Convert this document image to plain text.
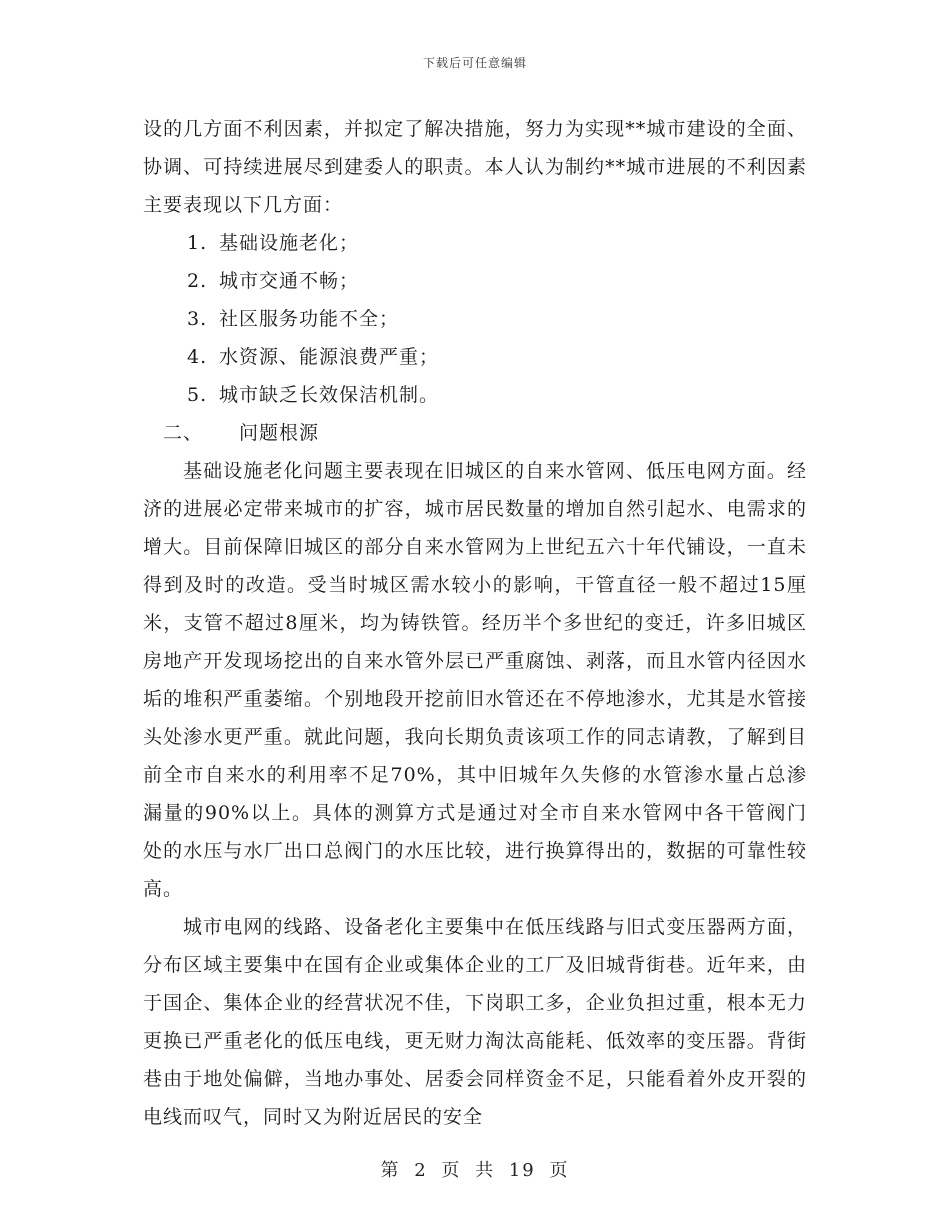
下载后可任意编辑

设的几方面不利因素，并拟定了解决措施，努力为实现**城市建设的全面、协调、可持续进展尽到建委人的职责。本人认为制约**城市进展的不利因素主要表现以下几方面：

1. 基础设施老化；

2. 城市交通不畅；

3. 社区服务功能不全；

4. 水资源、能源浪费严重；

5. 城市缺乏长效保洁机制。

二、 问题根源

基础设施老化问题主要表现在旧城区的自来水管网、低压电网方面。经济的进展必定带来城市的扩容，城市居民数量的增加自然引起水、电需求的增大。目前保障旧城区的部分自来水管网为上世纪五六十年代铺设，一直未得到及时的改造。受当时城区需水较小的影响，干管直径一般不超过15厘米，支管不超过8厘米，均为铸铁管。经历半个多世纪的变迁，许多旧城区房地产开发现场挖出的自来水管外层已严重腐蚀、剥落，而且水管内径因水垢的堆积严重萎缩。个别地段开挖前旧水管还在不停地渗水，尤其是水管接头处渗水更严重。就此问题，我向长期负责该项工作的同志请教，了解到目前全市自来水的利用率不足70%，其中旧城年久失修的水管渗水量占总渗漏量的90%以上。具体的测算方式是通过对全市自来水管网中各干管阀门处的水压与水厂出口总阀门的水压比较，进行换算得出的，数据的可靠性较高。

城市电网的线路、设备老化主要集中在低压线路与旧式变压器两方面，分布区域主要集中在国有企业或集体企业的工厂及旧城背街巷。近年来，由于国企、集体企业的经营状况不佳，下岗职工多，企业负担过重，根本无力更换已严重老化的低压电线，更无财力淘汰高能耗、低效率的变压器。背街巷由于地处偏僻，当地办事处、居委会同样资金不足，只能看着外皮开裂的电线而叹气，同时又为附近居民的安全

第 2 页 共 19 页
